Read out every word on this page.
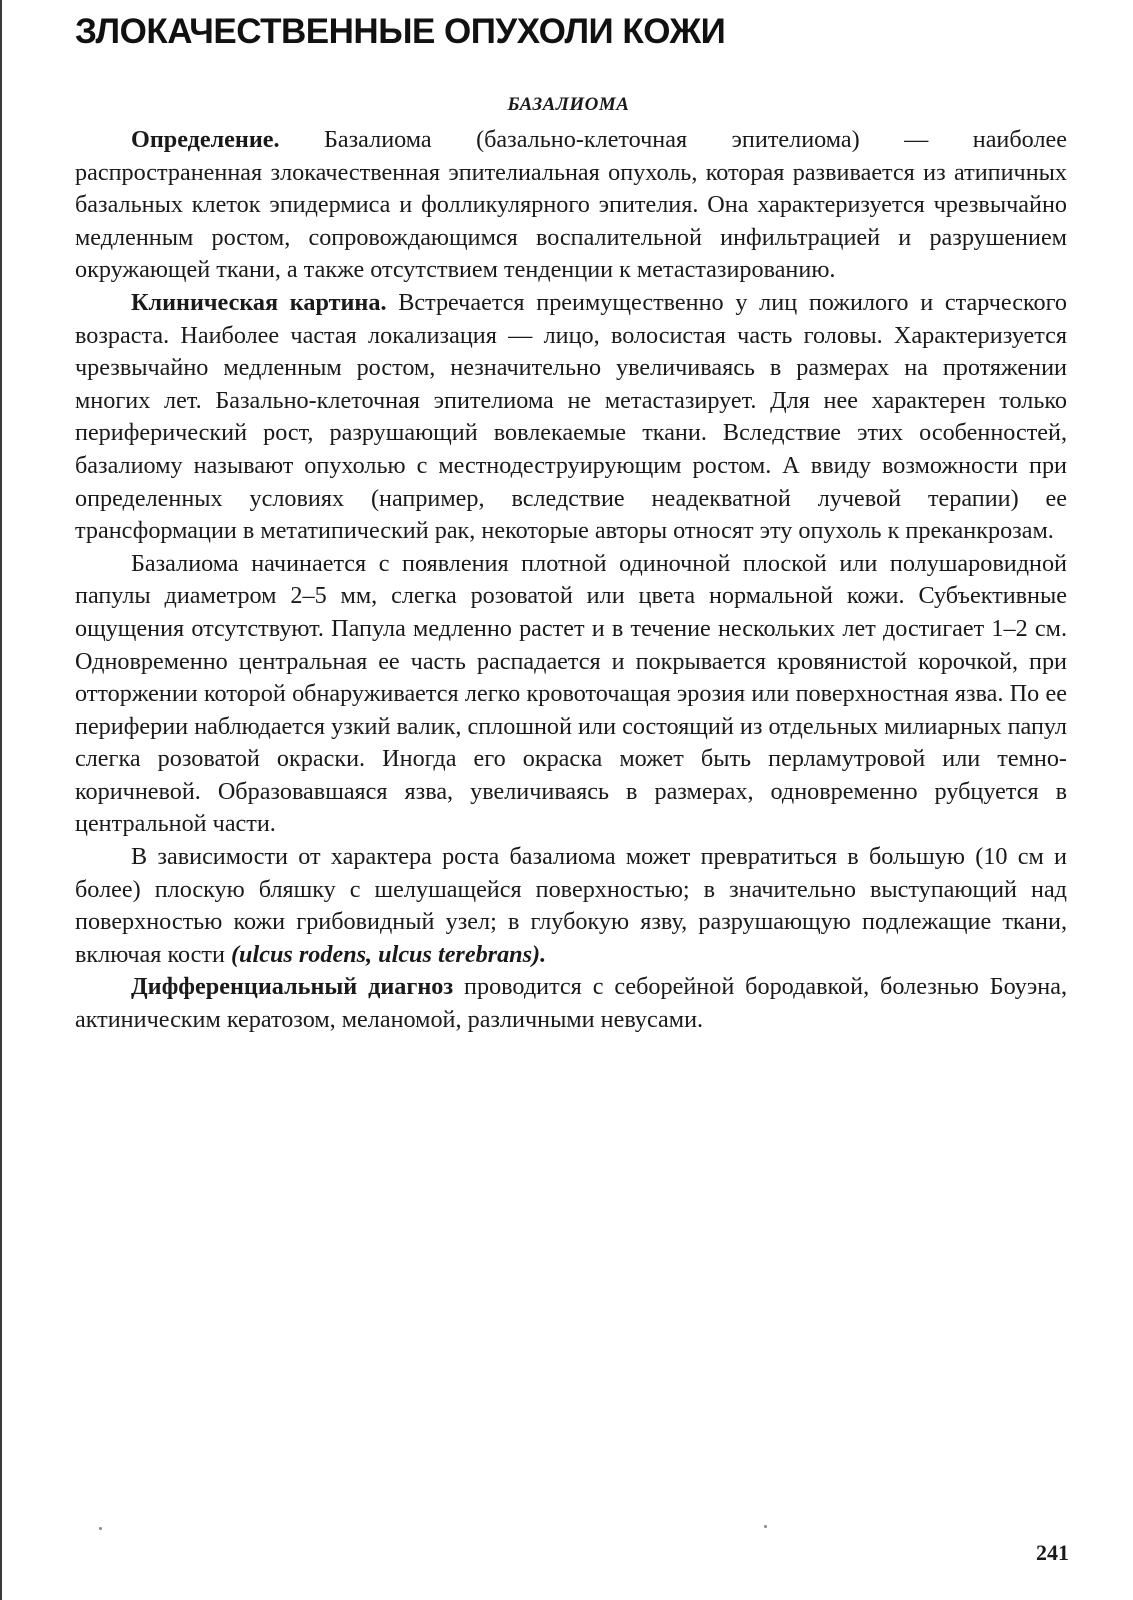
ЗЛОКАЧЕСТВЕННЫЕ ОПУХОЛИ КОЖИ
БАЗАЛИОМА

Определение. Базалиома (базально-клеточная эпителиома) — наиболее распространенная злокачественная эпителиальная опухоль, которая развивается из атипичных базальных клеток эпидермиса и фолликулярного эпителия. Она характеризуется чрезвычайно медленным ростом, сопровождающимся воспалительной инфильтрацией и разрушением окружающей ткани, а также отсутствием тенденции к метастазированию.

Клиническая картина. Встречается преимущественно у лиц пожилого и старческого возраста. Наиболее частая локализация — лицо, волосистая часть головы. Характеризуется чрезвычайно медленным ростом, незначительно увеличиваясь в размерах на протяжении многих лет. Базально-клеточная эпителиома не метастазирует. Для нее характерен только периферический рост, разрушающий вовлекаемые ткани. Вследствие этих особенностей, базалиому называют опухолью с местнодеструирующим ростом. А ввиду возможности при определенных условиях (например, вследствие неадекватной лучевой терапии) ее трансформации в метатипический рак, некоторые авторы относят эту опухоль к преканкрозам.

Базалиома начинается с появления плотной одиночной плоской или полушаровидной папулы диаметром 2–5 мм, слегка розоватой или цвета нормальной кожи. Субъективные ощущения отсутствуют. Папула медленно растет и в течение нескольких лет достигает 1–2 см. Одновременно центральная ее часть распадается и покрывается кровянистой корочкой, при отторжении которой обнаруживается легко кровоточащая эрозия или поверхностная язва. По ее периферии наблюдается узкий валик, сплошной или состоящий из отдельных милиарных папул слегка розоватой окраски. Иногда его окраска может быть перламутровой или темно-коричневой. Образовавшаяся язва, увеличиваясь в размерах, одновременно рубцуется в центральной части.

В зависимости от характера роста базалиома может превратиться в большую (10 см и более) плоскую бляшку с шелушащейся поверхностью; в значительно выступающий над поверхностью кожи грибовидный узел; в глубокую язву, разрушающую подлежащие ткани, включая кости (ulcus rodens, ulcus terebrans).

Дифференциальный диагноз проводится с себорейной бородавкой, болезнью Боуэна, актиническим кератозом, меланомой, различными невусами.

241
